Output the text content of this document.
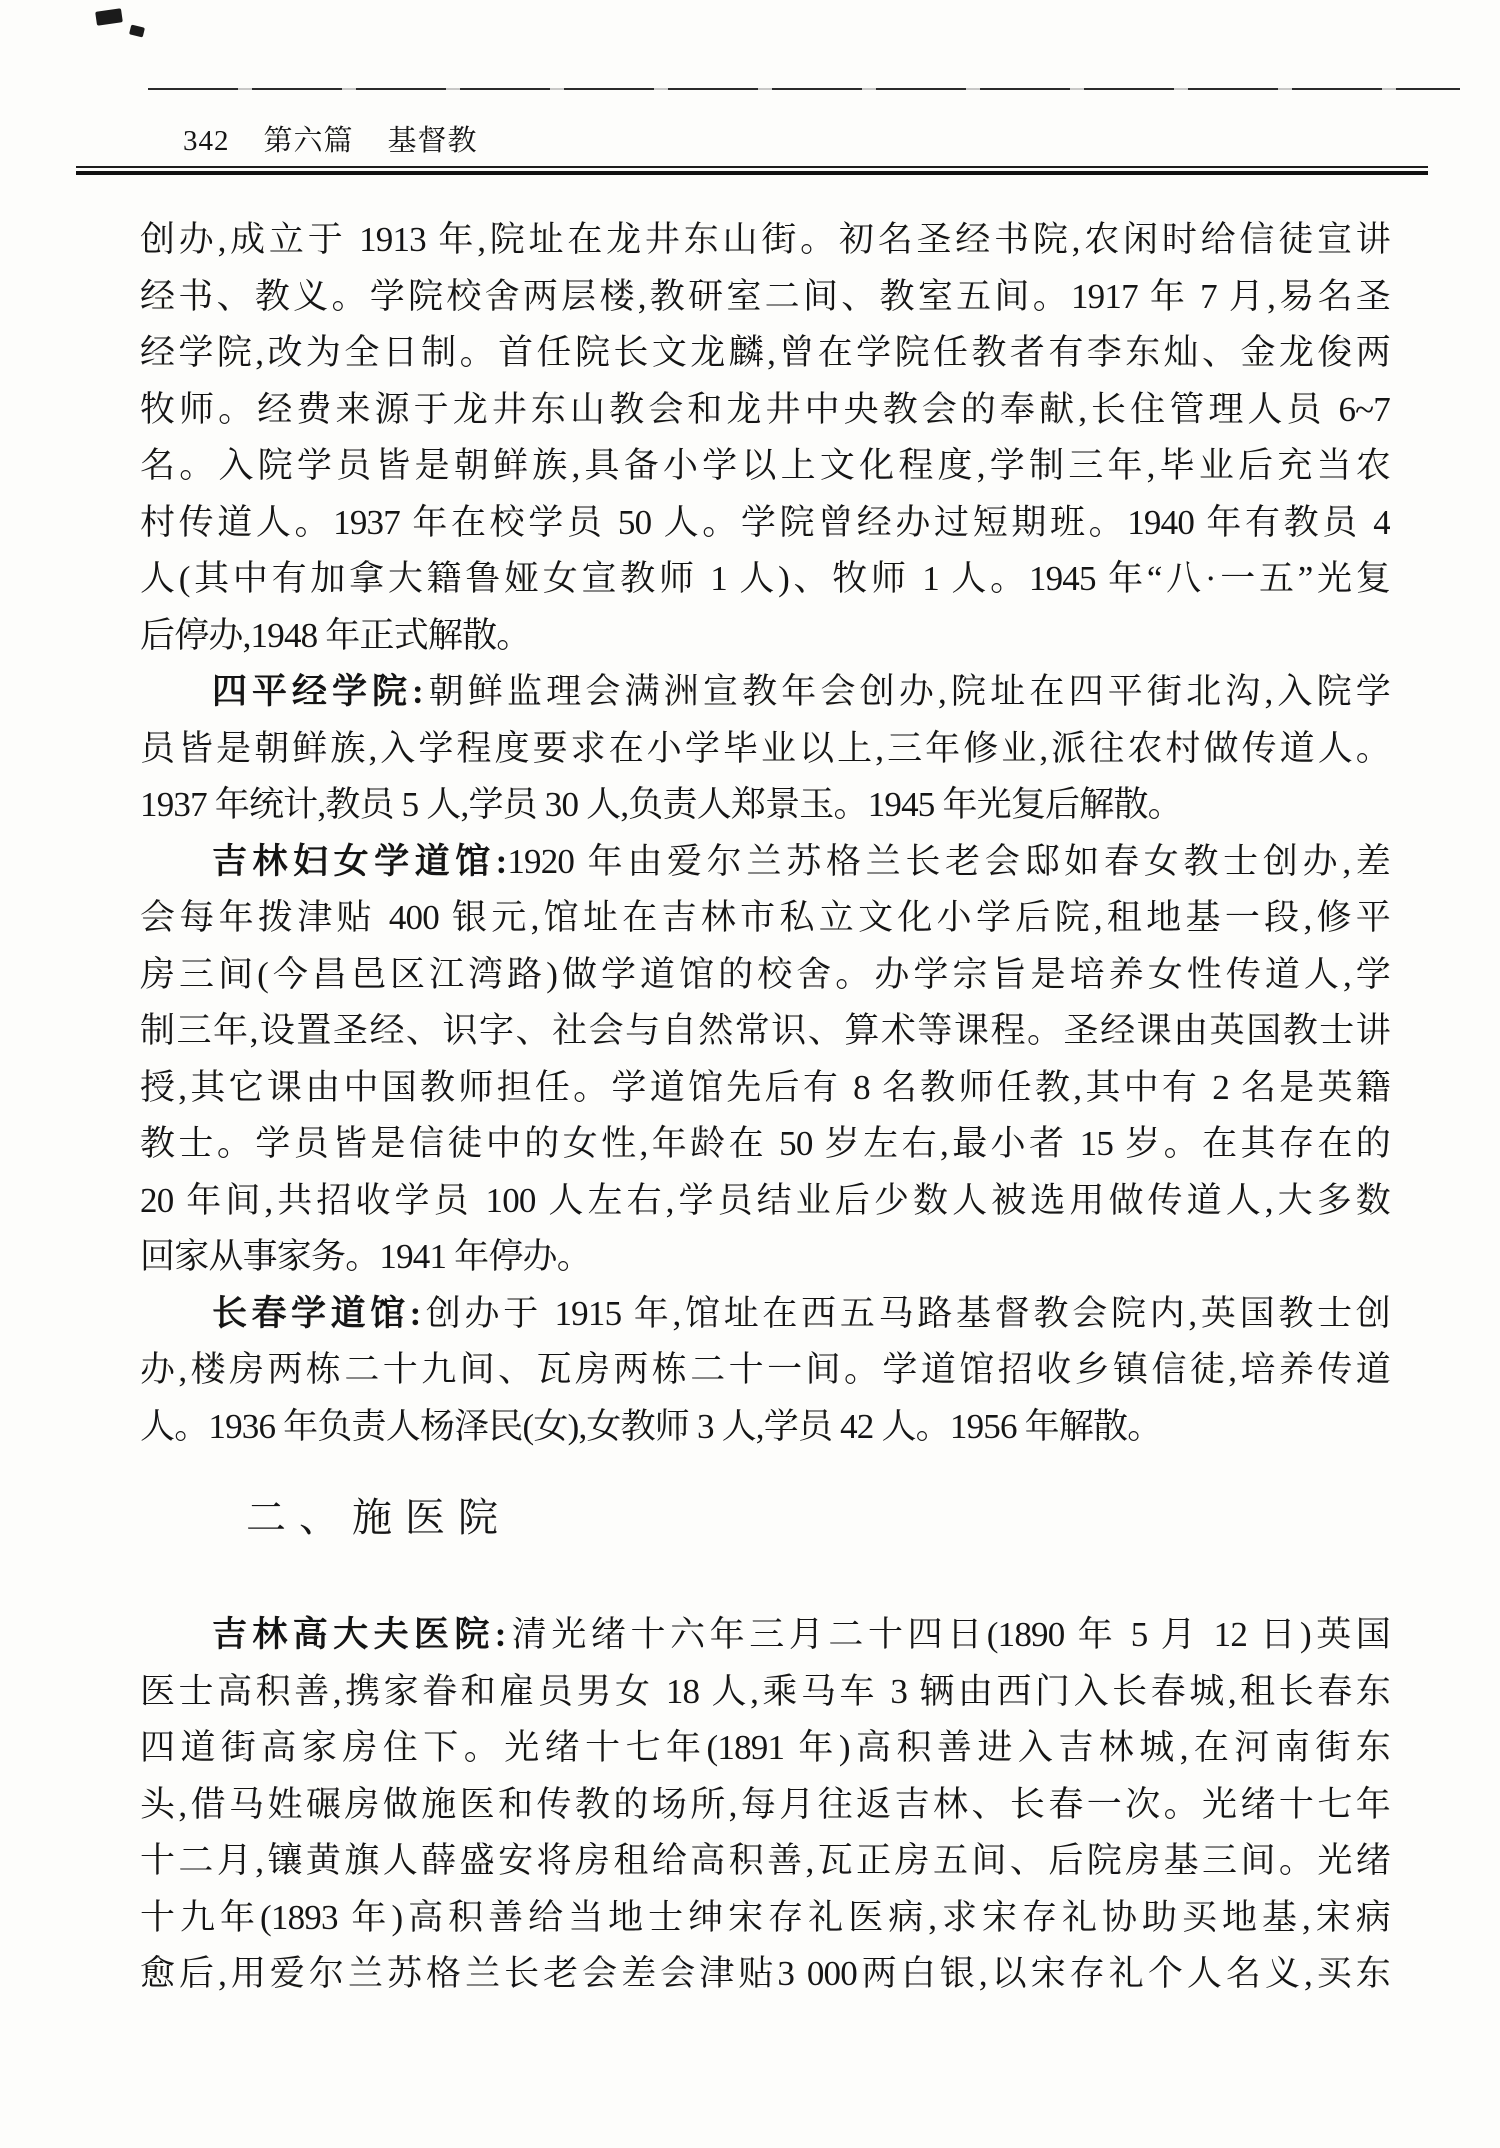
342 第六篇 基督教
创办,成立于 1913 年,院址在龙井东山街。初名圣经书院,农闲时给信徒宣讲
经书、教义。学院校舍两层楼,教研室二间、教室五间。1917 年 7 月,易名圣
经学院,改为全日制。首任院长文龙麟,曾在学院任教者有李东灿、金龙俊两
牧师。经费来源于龙井东山教会和龙井中央教会的奉献,长住管理人员 6~7
名。入院学员皆是朝鲜族,具备小学以上文化程度,学制三年,毕业后充当农
村传道人。1937 年在校学员 50 人。学院曾经办过短期班。1940 年有教员 4
人(其中有加拿大籍鲁娅女宣教师 1 人)、牧师 1 人。1945 年“八·一五”光复
后停办,1948 年正式解散。
四平经学院:朝鲜监理会满洲宣教年会创办,院址在四平街北沟,入院学
员皆是朝鲜族,入学程度要求在小学毕业以上,三年修业,派往农村做传道人。
1937 年统计,教员 5 人,学员 30 人,负责人郑景玉。1945 年光复后解散。
吉林妇女学道馆:1920 年由爱尔兰苏格兰长老会邸如春女教士创办,差
会每年拨津贴 400 银元,馆址在吉林市私立文化小学后院,租地基一段,修平
房三间(今昌邑区江湾路)做学道馆的校舍。办学宗旨是培养女性传道人,学
制三年,设置圣经、识字、社会与自然常识、算术等课程。圣经课由英国教士讲
授,其它课由中国教师担任。学道馆先后有 8 名教师任教,其中有 2 名是英籍
教士。学员皆是信徒中的女性,年龄在 50 岁左右,最小者 15 岁。在其存在的
20 年间,共招收学员 100 人左右,学员结业后少数人被选用做传道人,大多数
回家从事家务。1941 年停办。
长春学道馆:创办于 1915 年,馆址在西五马路基督教会院内,英国教士创
办,楼房两栋二十九间、瓦房两栋二十一间。学道馆招收乡镇信徒,培养传道
人。1936 年负责人杨泽民(女),女教师 3 人,学员 42 人。1956 年解散。
二、施医院
吉林高大夫医院:清光绪十六年三月二十四日(1890 年 5 月 12 日)英国
医士高积善,携家眷和雇员男女 18 人,乘马车 3 辆由西门入长春城,租长春东
四道街高家房住下。光绪十七年(1891 年)高积善进入吉林城,在河南街东
头,借马姓碾房做施医和传教的场所,每月往返吉林、长春一次。光绪十七年
十二月,镶黄旗人薛盛安将房租给高积善,瓦正房五间、后院房基三间。光绪
十九年(1893 年)高积善给当地士绅宋存礼医病,求宋存礼协助买地基,宋病
愈后,用爱尔兰苏格兰长老会差会津贴3 000两白银,以宋存礼个人名义,买东
